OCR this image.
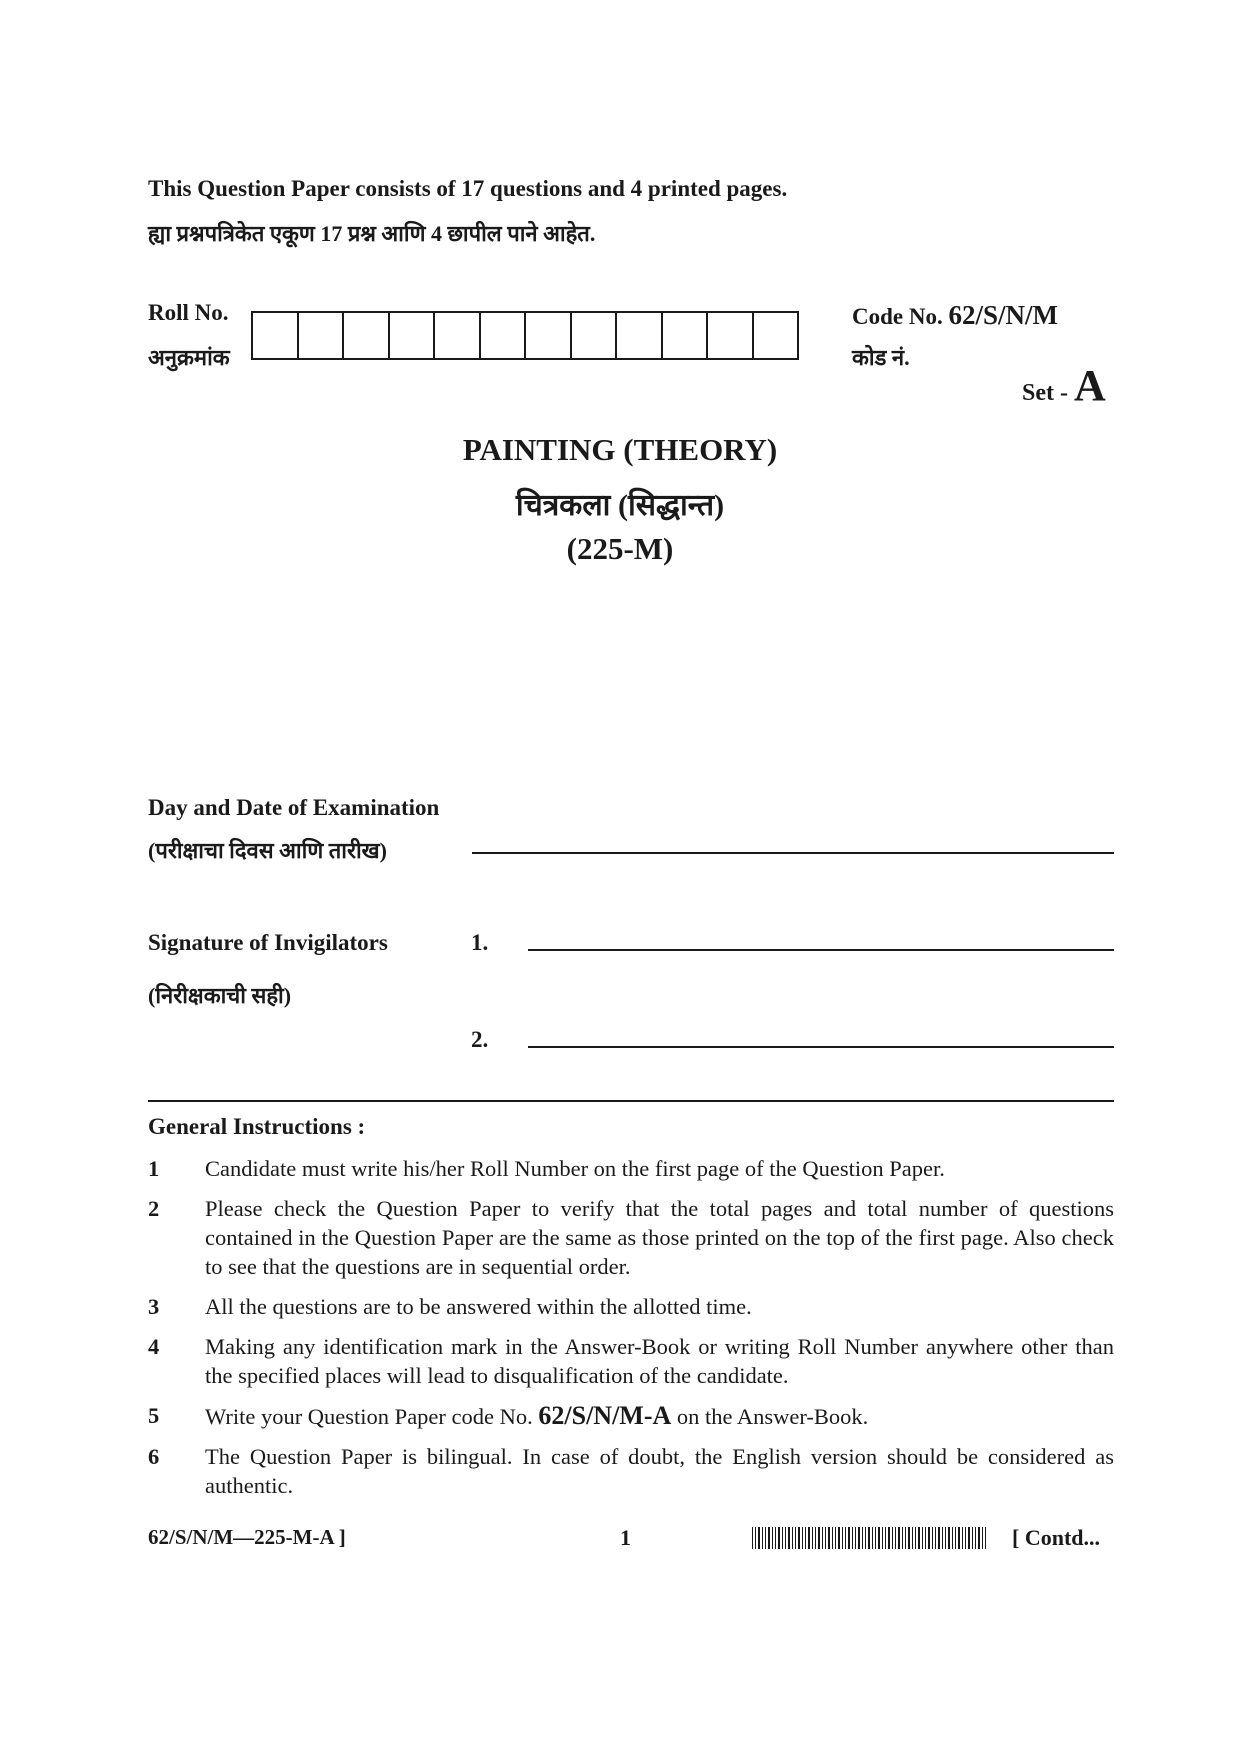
This Question Paper consists of 17 questions and 4 printed pages.
ह्या प्रश्नपत्रिकेत एकूण 17 प्रश्न आणि 4 छापील पाने आहेत.
Roll No.
अनुक्रमांक
Code No. 62/S/N/M
कोड नं.
Set - A
PAINTING (THEORY)
चित्रकला (सिद्धान्त)
(225-M)
Day and Date of Examination
(परीक्षाचा दिवस आणि तारीख)
Signature of Invigilators
(निरीक्षकाची सही)
1.
2.
General Instructions :
1	Candidate must write his/her Roll Number on the first page of the Question Paper.
2	Please check the Question Paper to verify that the total pages and total number of questions contained in the Question Paper are the same as those printed on the top of the first page. Also check to see that the questions are in sequential order.
3	All the questions are to be answered within the allotted time.
4	Making any identification mark in the Answer-Book or writing Roll Number anywhere other than the specified places will lead to disqualification of the candidate.
5	Write your Question Paper code No. 62/S/N/M-A on the Answer-Book.
6	The Question Paper is bilingual. In case of doubt, the English version should be considered as authentic.
62/S/N/M—225-M-A ]	1	[ Contd...
